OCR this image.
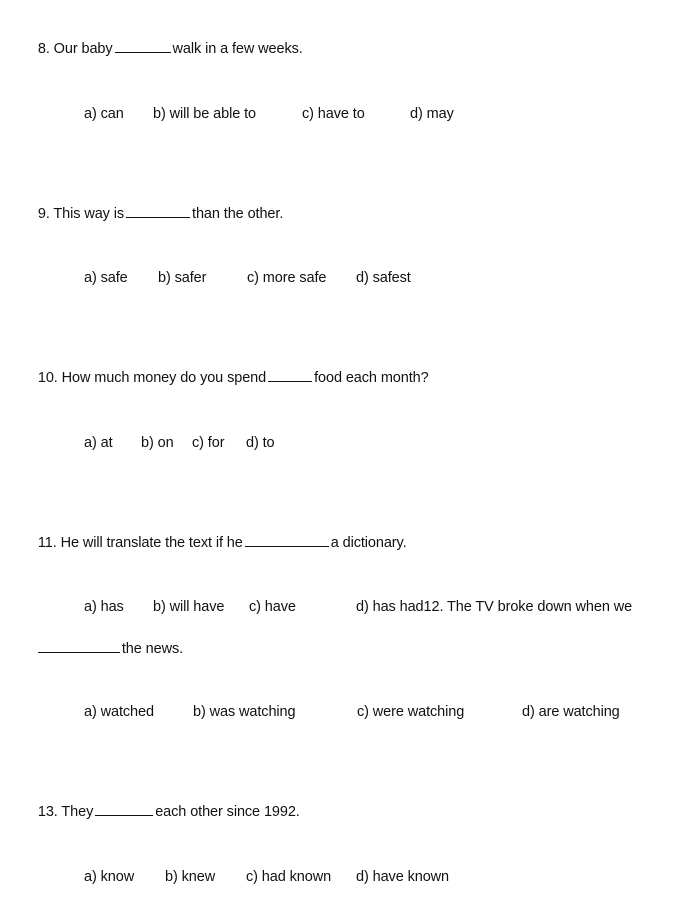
8. Our baby	walk in a few weeks.

a) can b) will be able to	c) have to	d) may

9. This way is	than the other.

a) safe b) safer	c) more safe d) safest

10. How much money do you spend	food each month?

a) at b) on c) for d) to

11. He will translate the text if he	a dictionary.

a) has b) will have c) have	d) has had12. The TV broke down when we

the news.

a) watched	b) was watching	c) were watching	d) are watching

13. They	each other since 1992.

a) know b) knew c) had known d) have known
